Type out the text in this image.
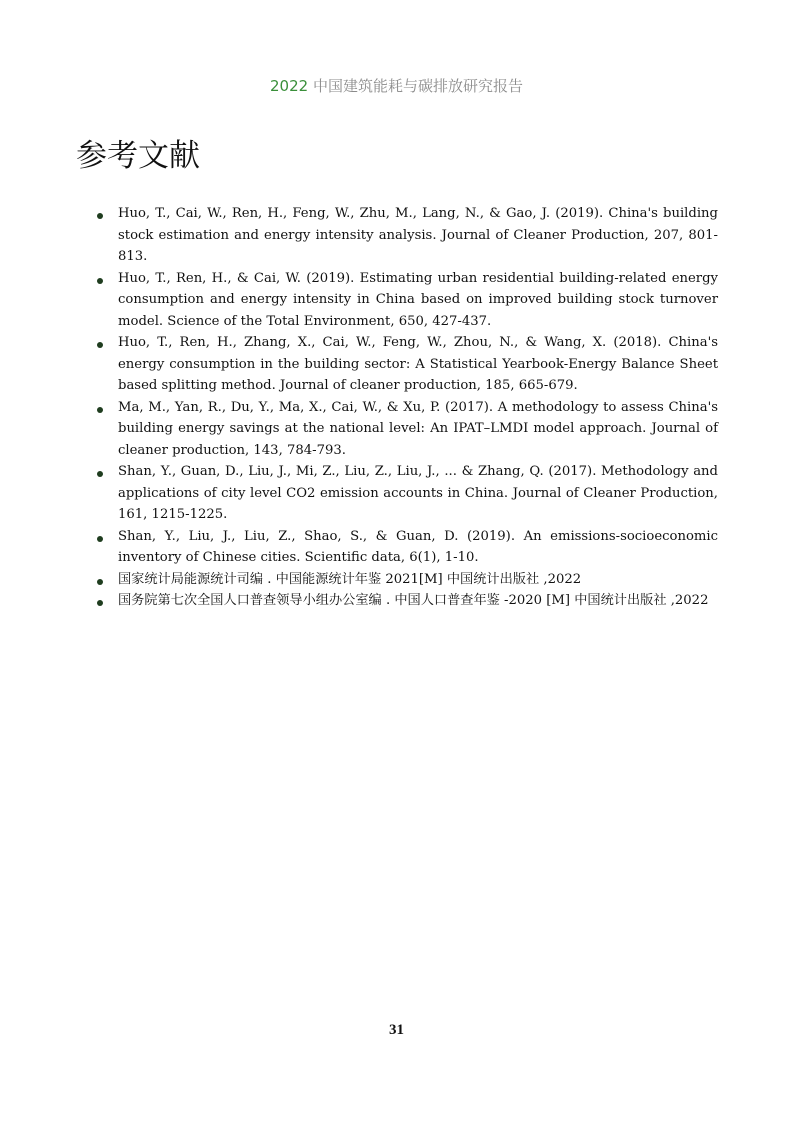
2022 中国建筑能耗与碳排放研究报告
参考文献
Huo, T., Cai, W., Ren, H., Feng, W., Zhu, M., Lang, N., & Gao, J. (2019). China's building stock estimation and energy intensity analysis. Journal of Cleaner Production, 207, 801-813.
Huo, T., Ren, H., & Cai, W. (2019). Estimating urban residential building-related energy consumption and energy intensity in China based on improved building stock turnover model. Science of the Total Environment, 650, 427-437.
Huo, T., Ren, H., Zhang, X., Cai, W., Feng, W., Zhou, N., & Wang, X. (2018). China's energy consumption in the building sector: A Statistical Yearbook-Energy Balance Sheet based splitting method. Journal of cleaner production, 185, 665-679.
Ma, M., Yan, R., Du, Y., Ma, X., Cai, W., & Xu, P. (2017). A methodology to assess China's building energy savings at the national level: An IPAT–LMDI model approach. Journal of cleaner production, 143, 784-793.
Shan, Y., Guan, D., Liu, J., Mi, Z., Liu, Z., Liu, J., ... & Zhang, Q. (2017). Methodology and applications of city level CO2 emission accounts in China. Journal of Cleaner Production, 161, 1215-1225.
Shan, Y., Liu, J., Liu, Z., Shao, S., & Guan, D. (2019). An emissions-socioeconomic inventory of Chinese cities. Scientific data, 6(1), 1-10.
国家统计局能源统计司编 . 中国能源统计年鉴 2021[M] 中国统计出版社 ,2022
国务院第七次全国人口普查领导小组办公室编 . 中国人口普查年鉴 -2020 [M] 中国统计出版社 ,2022
31
